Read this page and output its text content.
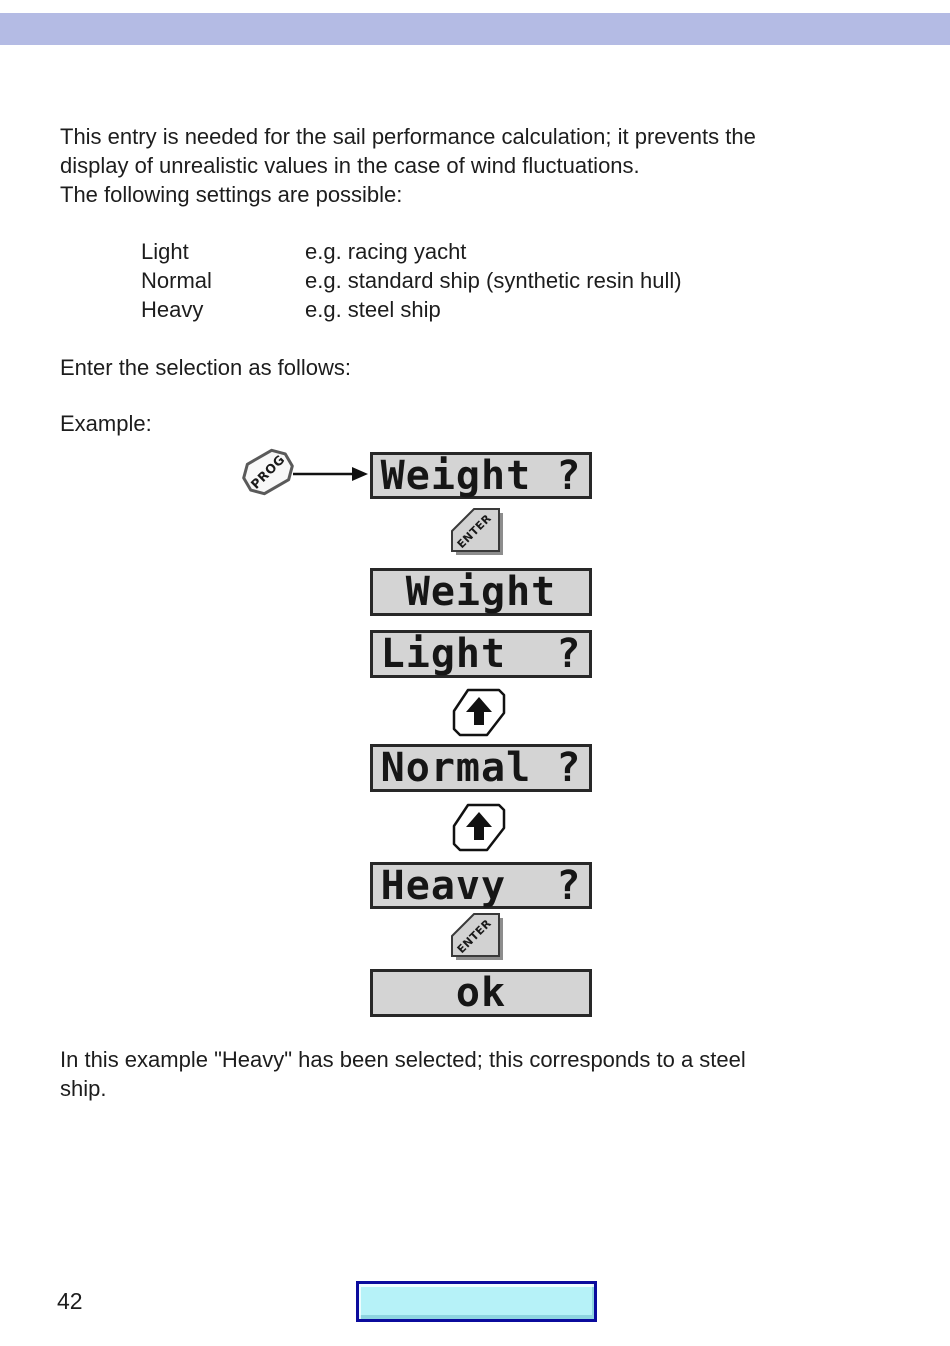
This entry is needed for the sail performance calculation; it prevents the
display of unrealistic values in the case of wind fluctuations.
The following settings are possible:
Light	e.g. racing yacht
Normal	e.g. standard ship (synthetic resin hull)
Heavy	e.g. steel ship
Enter the selection as follows:
Example:
PROG Weight ?
ENTER
Weight
Light  ?
Normal ?
Heavy  ?
ENTER
ok
In this example "Heavy" has been selected; this corresponds to a steel
ship.
42
